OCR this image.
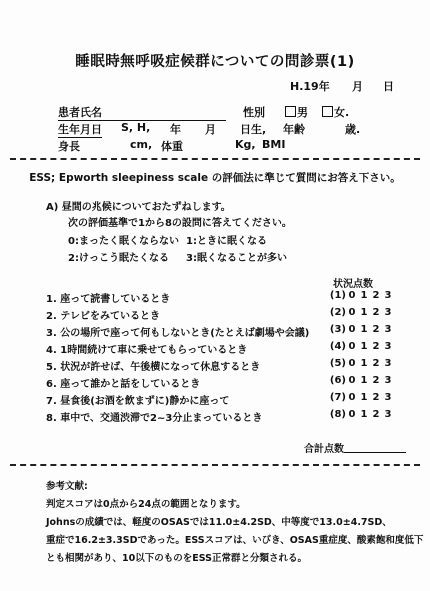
睡眠時無呼吸症候群についての問診票(1)
H.19年 月 日
患者氏名	性別	男	女.
生年月日 S, H, 年 月 日生, 年齢	歳.
身長	cm, 体重	Kg, BMI
ESS; Epworth sleepiness scale の評価法に準じて質問にお答え下さい。
A) 昼間の兆候についておたずねします。
次の評価基準で1から8の設問に答えてください。
0:まったく眠くならない 1:ときに眠くなる
2:けっこう眠たくなる 3:眠くなることが多い
状況点数
1. 座って読書しているとき	(1) 0 1 2 3
2. テレビをみているとき	(2) 0 1 2 3
3. 公の場所で座って何もしないとき(たとえば劇場や会議)	(3) 0 1 2 3
4. 1時間続けて車に乗せてもらっているとき	(4) 0 1 2 3
5. 状況が許せば、午後横になって休息するとき	(5) 0 1 2 3
6. 座って誰かと話をしているとき	(6) 0 1 2 3
7. 昼食後(お酒を飲まずに)静かに座って	(7) 0 1 2 3
8. 車中で、交通渋滞で2~3分止まっているとき	(8) 0 1 2 3
合計点数
参考文献:
判定スコアは0点から24点の範囲となります。
Johnsの成績では、軽度のOSASでは11.0±4.2SD、中等度で13.0±4.7SD、
重症で16.2±3.3SDであった。ESSスコアは、いびき、OSAS重症度、酸素飽和度低下
とも相関があり、10以下のものをESS正常群と分類される。
